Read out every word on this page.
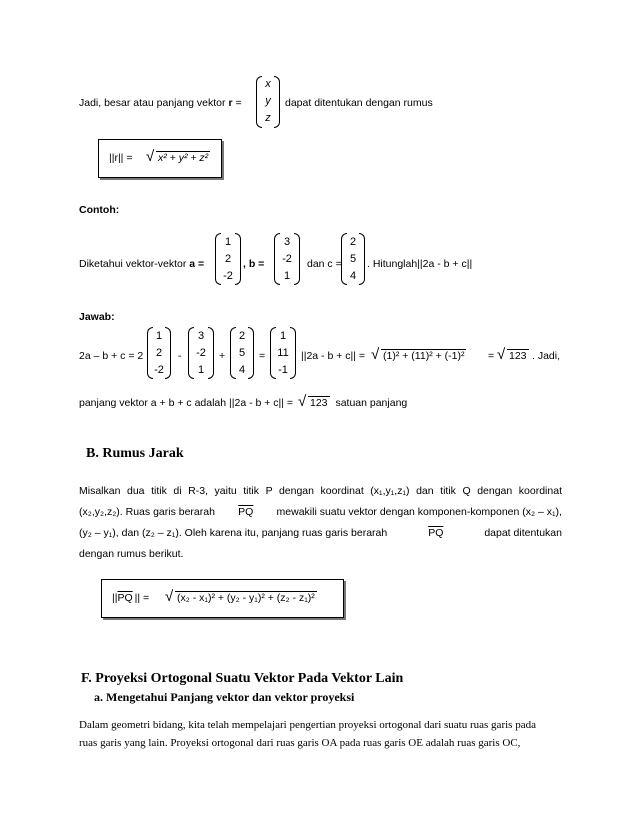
Jadi, besar atau panjang vektor r =
x
y
z
dapat ditentukan dengan rumus
||r|| =	√ x² + y² + z²
Contoh:
Diketahui vektor-vektor a =
1
2
-2
, b =
3
-2
1
dan c =
2
5
4
. Hitunglah||2a - b + c||
Jawab:
2a – b + c = 2
1
2
-2
-
3
-2
1
+
2
5
4
=
1
11
-1
||2a - b + c|| =	√ (1)² + (11)² + (-1)² =	√ 123 . Jadi,
panjang vektor a + b + c adalah ||2a - b + c|| = √ 123 satuan panjang
B. Rumus Jarak
Misalkan dua titik di R-3, yaitu titik P dengan koordinat (x₁,y₁,z₁) dan titik Q dengan koordinat
(x₂,y₂,z₂). Ruas garis berarah $\overline{PQ}$ mewakili suatu vektor dengan komponen-komponen (x₂ – x₁),
(y₂ – y₁), dan (z₂ – z₁). Oleh karena itu, panjang ruas garis berarah	$\overline{PQ}$	dapat ditentukan
dengan rumus berikut.
$||\overline{PQ}$ || =	√ (x₂ - x₁)² + (y₂ - y₁)² + (z₂ - z₁)²
F. Proyeksi Ortogonal Suatu Vektor Pada Vektor Lain
a. Mengetahui Panjang vektor dan vektor proyeksi
Dalam geometri bidang, kita telah mempelajari pengertian proyeksi ortogonal dari suatu ruas garis pada
ruas garis yang lain. Proyeksi ortogonal dari ruas garis OA pada ruas garis OE adalah ruas garis OC,
